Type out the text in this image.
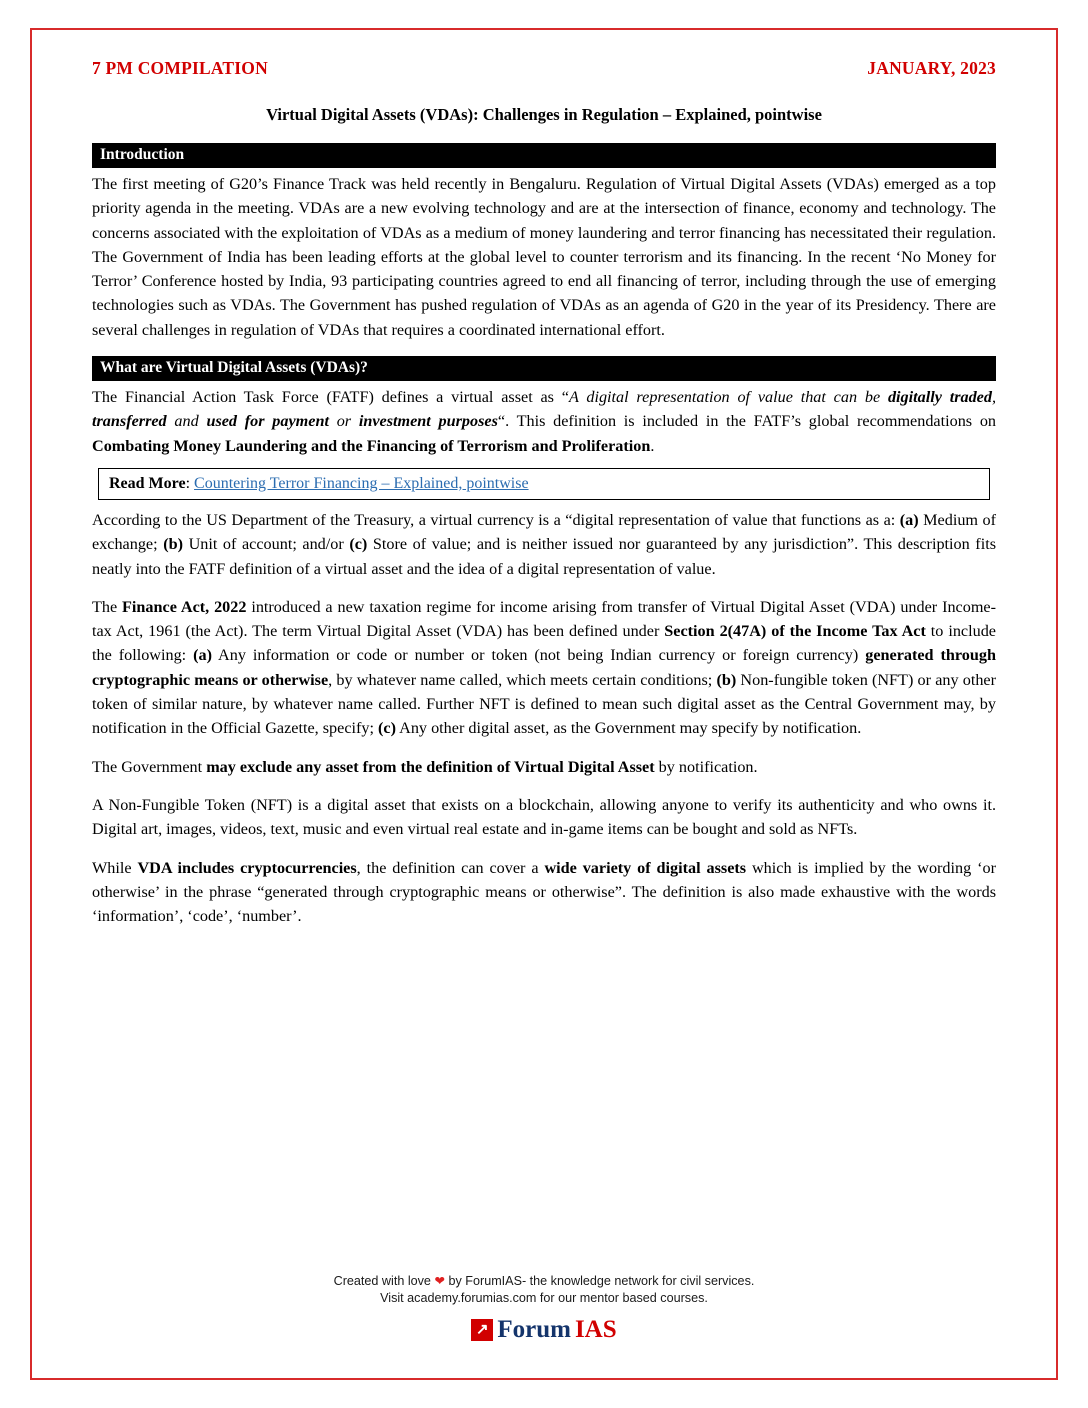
7 PM COMPILATION	JANUARY, 2023
Virtual Digital Assets (VDAs): Challenges in Regulation – Explained, pointwise
Introduction

The first meeting of G20’s Finance Track was held recently in Bengaluru. Regulation of Virtual Digital Assets (VDAs) emerged as a top priority agenda in the meeting. VDAs are a new evolving technology and are at the intersection of finance, economy and technology. The concerns associated with the exploitation of VDAs as a medium of money laundering and terror financing has necessitated their regulation. The Government of India has been leading efforts at the global level to counter terrorism and its financing. In the recent ‘No Money for Terror’ Conference hosted by India, 93 participating countries agreed to end all financing of terror, including through the use of emerging technologies such as VDAs. The Government has pushed regulation of VDAs as an agenda of G20 in the year of its Presidency. There are several challenges in regulation of VDAs that requires a coordinated international effort.

What are Virtual Digital Assets (VDAs)?

The Financial Action Task Force (FATF) defines a virtual asset as “A digital representation of value that can be digitally traded, transferred and used for payment or investment purposes“. This definition is included in the FATF’s global recommendations on Combating Money Laundering and the Financing of Terrorism and Proliferation.

Read More: Countering Terror Financing – Explained, pointwise

According to the US Department of the Treasury, a virtual currency is a “digital representation of value that functions as a: (a) Medium of exchange; (b) Unit of account; and/or (c) Store of value; and is neither issued nor guaranteed by any jurisdiction”. This description fits neatly into the FATF definition of a virtual asset and the idea of a digital representation of value.

The Finance Act, 2022 introduced a new taxation regime for income arising from transfer of Virtual Digital Asset (VDA) under Income-tax Act, 1961 (the Act). The term Virtual Digital Asset (VDA) has been defined under Section 2(47A) of the Income Tax Act to include the following: (a) Any information or code or number or token (not being Indian currency or foreign currency) generated through cryptographic means or otherwise, by whatever name called, which meets certain conditions; (b) Non-fungible token (NFT) or any other token of similar nature, by whatever name called. Further NFT is defined to mean such digital asset as the Central Government may, by notification in the Official Gazette, specify; (c) Any other digital asset, as the Government may specify by notification.

The Government may exclude any asset from the definition of Virtual Digital Asset by notification.

A Non-Fungible Token (NFT) is a digital asset that exists on a blockchain, allowing anyone to verify its authenticity and who owns it. Digital art, images, videos, text, music and even virtual real estate and in-game items can be bought and sold as NFTs.

While VDA includes cryptocurrencies, the definition can cover a wide variety of digital assets which is implied by the wording ‘or otherwise’ in the phrase “generated through cryptographic means or otherwise”. The definition is also made exhaustive with the words ‘information’, ‘code’, ‘number’.

Created with love ❤ by ForumIAS- the knowledge network for civil services.
Visit academy.forumias.com for our mentor based courses.
↗ Forum IAS
